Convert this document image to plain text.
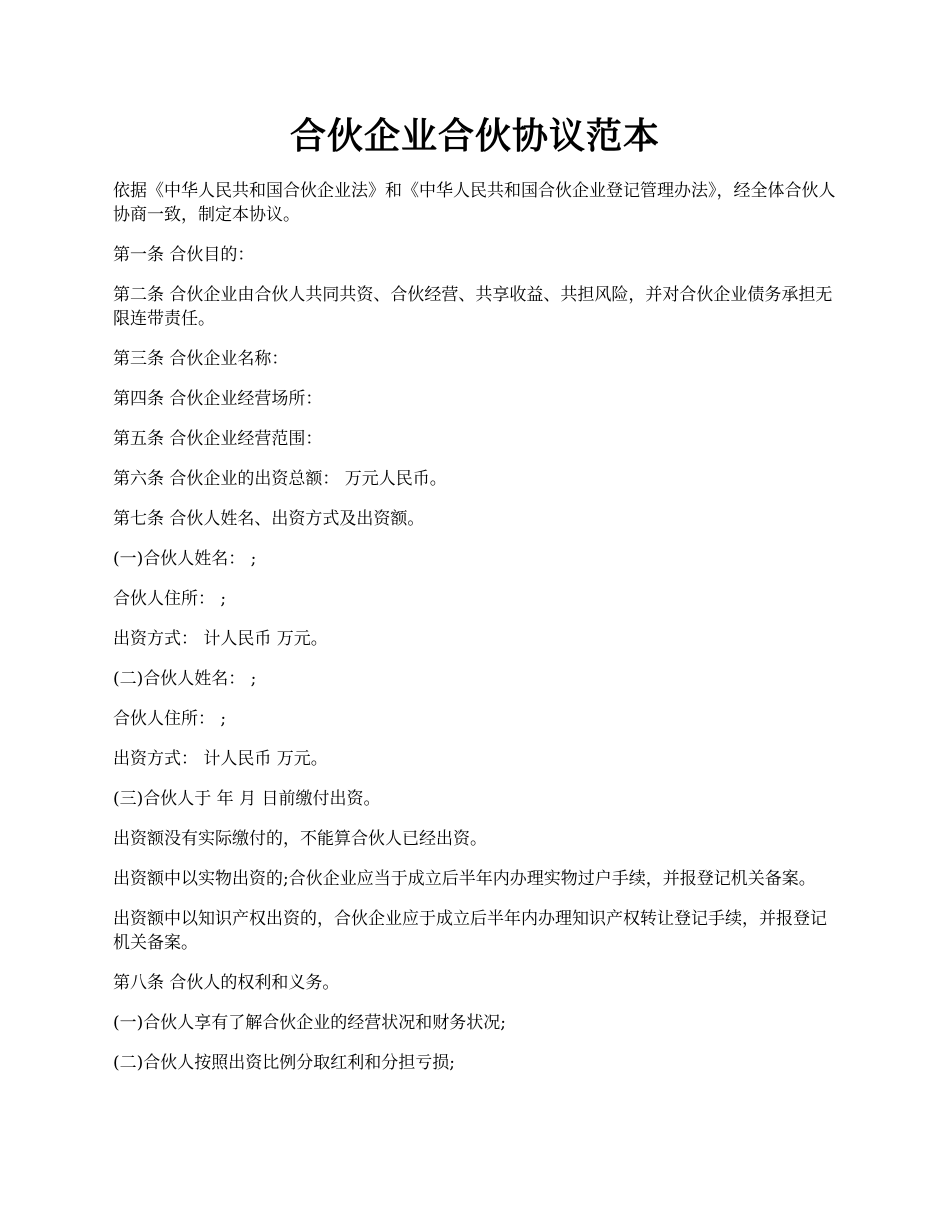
合伙企业合伙协议范本

依据《中华人民共和国合伙企业法》和《中华人民共和国合伙企业登记管理办法》，经全体合伙人协商一致，制定本协议。

第一条 合伙目的：

第二条 合伙企业由合伙人共同共资、合伙经营、共享收益、共担风险，并对合伙企业债务承担无限连带责任。

第三条 合伙企业名称：

第四条 合伙企业经营场所：

第五条 合伙企业经营范围：

第六条 合伙企业的出资总额： 万元人民币。

第七条 合伙人姓名、出资方式及出资额。

(一)合伙人姓名： ;

合伙人住所： ;

出资方式： 计人民币 万元。

(二)合伙人姓名： ;

合伙人住所： ;

出资方式： 计人民币 万元。

(三)合伙人于 年 月 日前缴付出资。

出资额没有实际缴付的，不能算合伙人已经出资。

出资额中以实物出资的;合伙企业应当于成立后半年内办理实物过户手续，并报登记机关备案。

出资额中以知识产权出资的，合伙企业应于成立后半年内办理知识产权转让登记手续，并报登记机关备案。

第八条 合伙人的权利和义务。

(一)合伙人享有了解合伙企业的经营状况和财务状况;

(二)合伙人按照出资比例分取红利和分担亏损;
